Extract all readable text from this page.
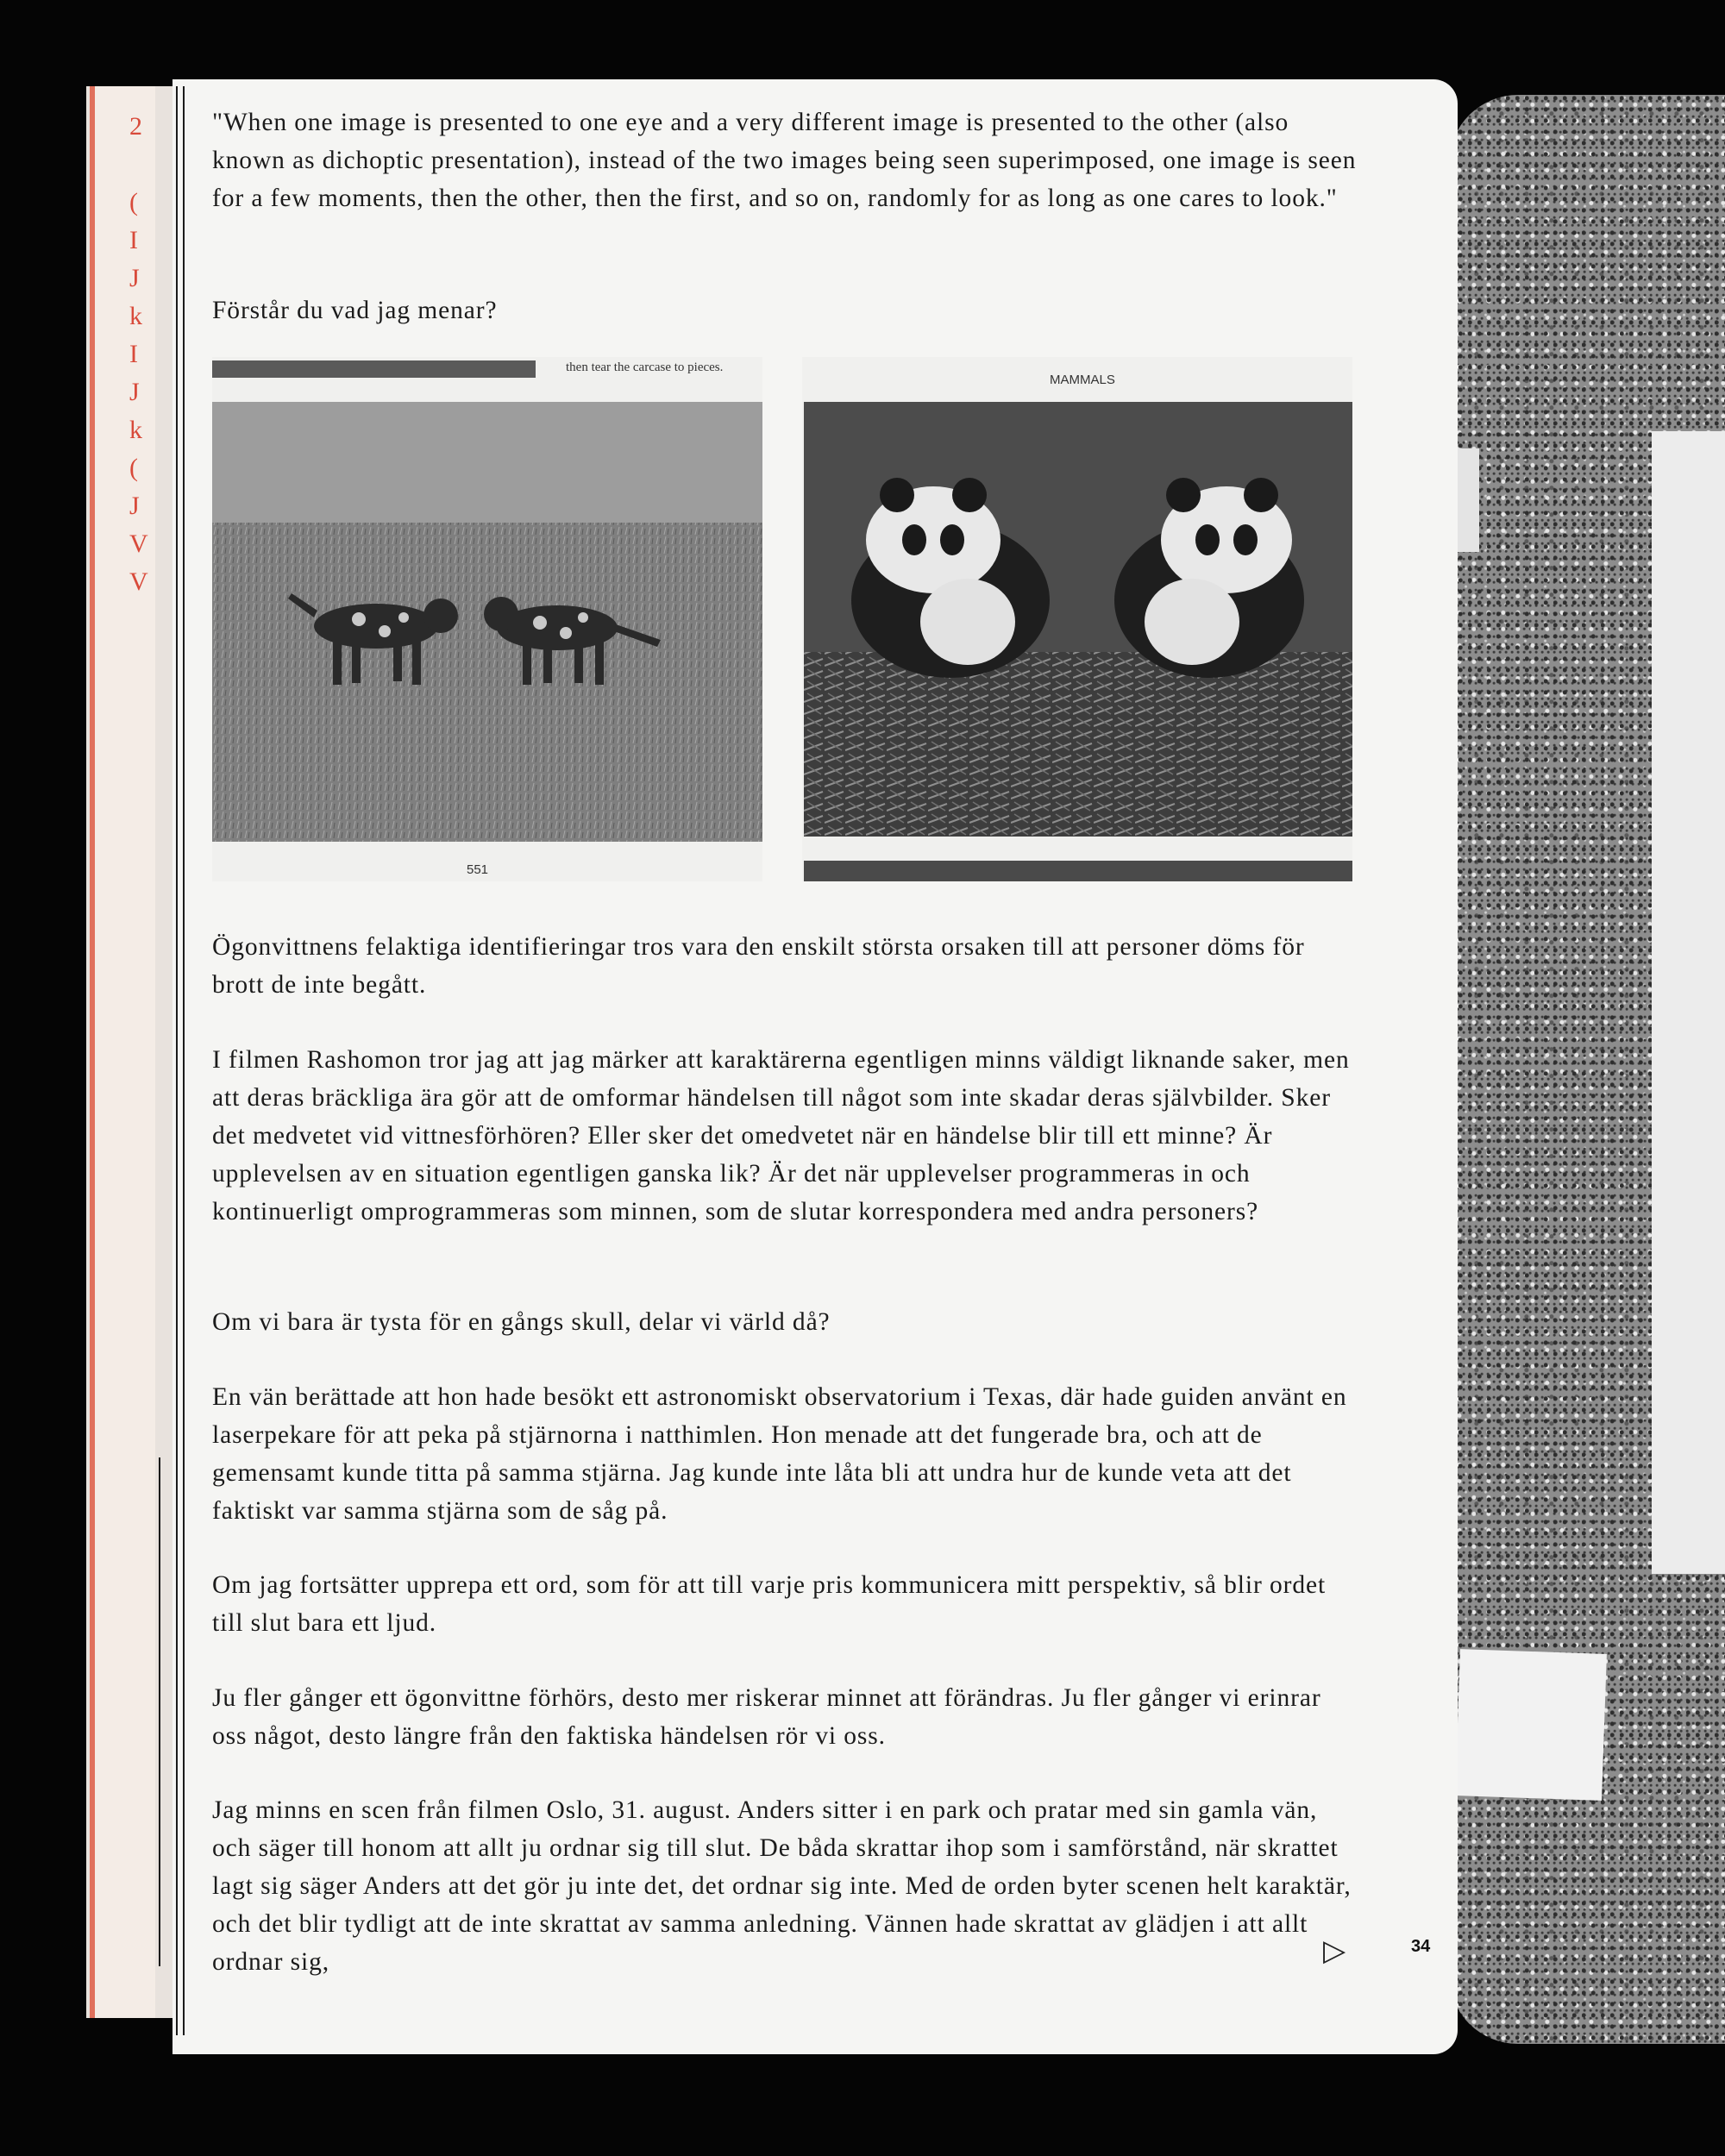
2
(
I
J
k
I
J
k
(
J
V
V

"When one image is presented to one eye and a very different image is presented to the other (also known as dichoptic presentation), instead of the two images being seen superimposed, one image is seen for a few moments, then the other, then the first, and so on, randomly for as long as one cares to look."

Förstår du vad jag menar?

then tear the carcase to pieces.
551
MAMMALS

Ögonvittnens felaktiga identifieringar tros vara den enskilt största orsaken till att personer döms för brott de inte begått.

I filmen Rashomon tror jag att jag märker att karaktärerna egentligen minns väldigt liknande saker, men att deras bräckliga ära gör att de omformar händelsen till något som inte skadar deras självbilder. Sker det medvetet vid vittnesförhören? Eller sker det omedvetet när en händelse blir till ett minne? Är upplevelsen av en situation egentligen ganska lik? Är det när upplevelser programmeras in och kontinuerligt omprogrammeras som minnen, som de slutar korrespondera med andra personers?

Om vi bara är tysta för en gångs skull, delar vi värld då?

En vän berättade att hon hade besökt ett astronomiskt observatorium i Texas, där hade guiden använt en laserpekare för att peka på stjärnorna i natthimlen. Hon menade att det fungerade bra, och att de gemensamt kunde titta på samma stjärna. Jag kunde inte låta bli att undra hur de kunde veta att det faktiskt var samma stjärna som de såg på.

Om jag fortsätter upprepa ett ord, som för att till varje pris kommunicera mitt perspektiv, så blir ordet till slut bara ett ljud.

Ju fler gånger ett ögonvittne förhörs, desto mer riskerar minnet att förändras. Ju fler gånger vi erinrar oss något, desto längre från den faktiska händelsen rör vi oss.

Jag minns en scen från filmen Oslo, 31. august. Anders sitter i en park och pratar med sin gamla vän, och säger till honom att allt ju ordnar sig till slut. De båda skrattar ihop som i samförstånd, när skrattet lagt sig säger Anders att det gör ju inte det, det ordnar sig inte. Med de orden byter scenen helt karaktär, och det blir tydligt att de inte skrattat av samma anledning. Vännen hade skrattat av glädjen i att allt ordnar sig,	▷	34
